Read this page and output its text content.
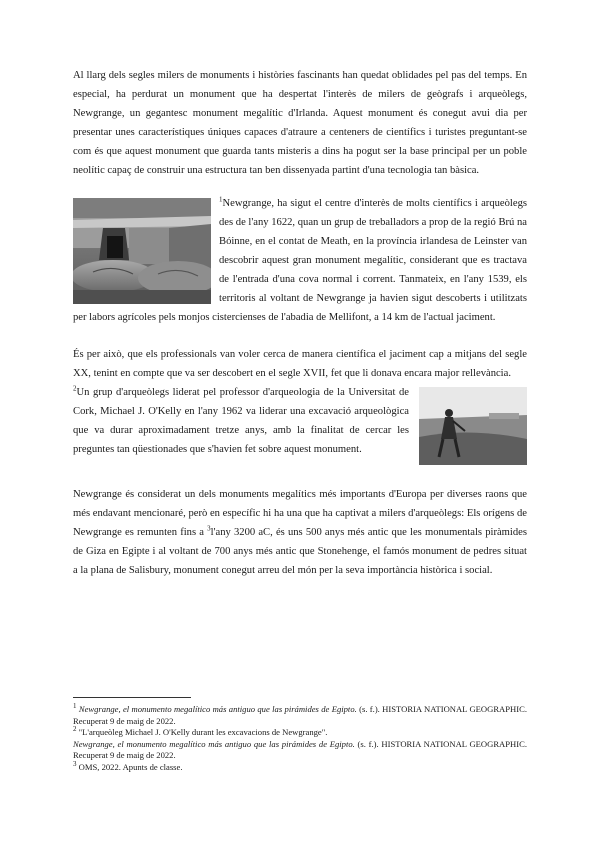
Al llarg dels segles milers de monuments i històries fascinants han quedat oblidades pel pas del temps. En especial, ha perdurat un monument que ha despertat l'interès de milers de geògrafs i arqueòlegs, Newgrange, un gegantesc monument megalític d'Irlanda. Aquest monument és conegut avui dia per presentar unes característiques úniques capaces d'atraure a centeners de científics i turistes preguntant-se com és que aquest monument que guarda tants misteris a dins ha pogut ser la base principal per un poble neolític capaç de construir una estructura tan ben dissenyada partint d'una tecnologia tan bàsica.

$^1$Newgrange, ha sigut el centre d'interès de molts científics i arqueòlegs des de l'any 1622, quan un grup de treballadors a prop de la regió Brú na Bóinne, en el contat de Meath, en la província irlandesa de Leinster van descobrir aquest gran monument megalític, considerant que es tractava de l'entrada d'una cova normal i corrent. Tanmateix, en l'any 1539, els territoris al voltant de Newgrange ja havien sigut descoberts i utilitzats per labors agrícoles pels monjos cistercienses de l'abadia de Mellifont, a 14 km de l'actual jaciment.

És per això, que els professionals van voler cerca de manera científica el jaciment cap a mitjans del segle XX, tenint en compte que va ser descobert en el segle XVII, fet que li donava encara major rellevància.

$^2$Un grup d'arqueòlegs liderat pel professor d'arqueologia de la Universitat de Cork, Michael J. O'Kelly en l'any 1962 va liderar una excavació arqueològica que va durar aproximadament tretze anys, amb la finalitat de cercar les preguntes tan qüestionades que s'havien fet sobre aquest monument.

Newgrange és considerat un dels monuments megalítics més importants d'Europa per diverses raons que més endavant mencionaré, però en específic hi ha una que ha captivat a milers d'arqueòlegs: Els orígens de Newgrange es remunten fins a $^3$l'any 3200 aC, és uns 500 anys més antic que les monumentals piràmides de Giza en Egipte i al voltant de 700 anys més antic que Stonehenge, el famós monument de pedres situat a la plana de Salisbury, monument conegut arreu del món per la seva importància històrica i social.

$^1$ Newgrange, el monumento megalítico más antiguo que las pirámides de Egipto. (s. f.). HISTORIA NATIONAL GEOGRAPHIC. Recuperat 9 de maig de 2022.

$^2$ "L'arqueòleg Michael J. O'Kelly durant les excavacions de Newgrange".
Newgrange, el monumento megalítico más antiguo que las pirámides de Egipto. (s. f.). HISTORIA NATIONAL GEOGRAPHIC. Recuperat 9 de maig de 2022.

$^3$ OMS, 2022. Apunts de classe.
